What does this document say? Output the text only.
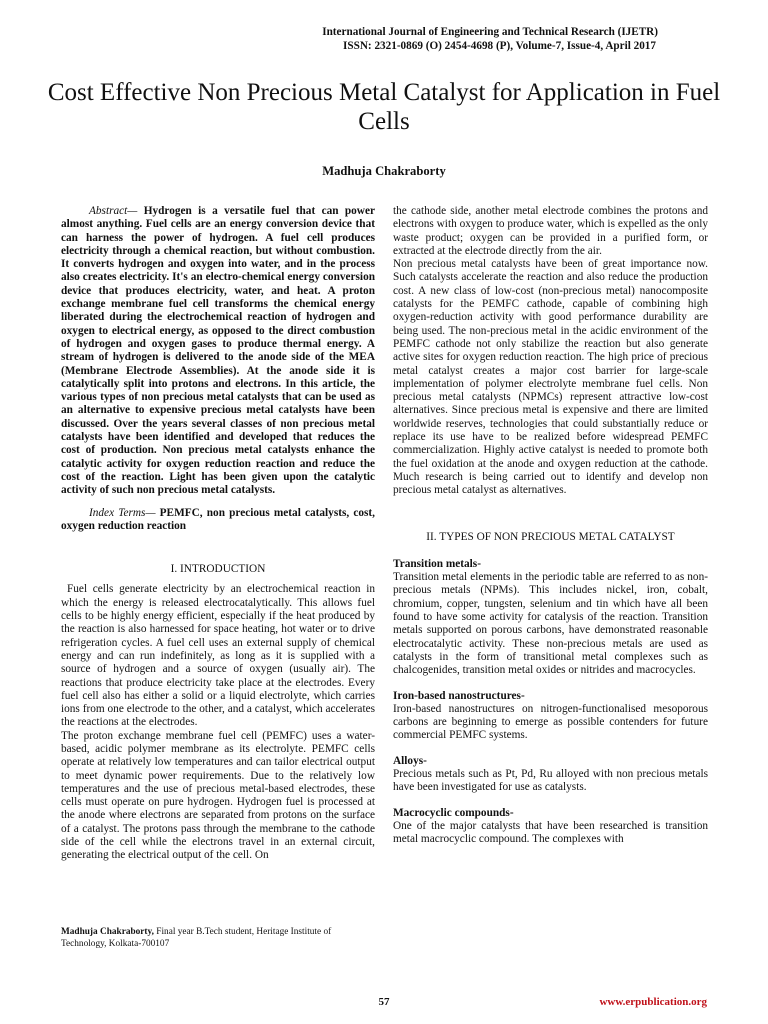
International Journal of Engineering and Technical Research (IJETR)
ISSN: 2321-0869 (O) 2454-4698 (P), Volume-7, Issue-4, April 2017
Cost Effective Non Precious Metal Catalyst for Application in Fuel Cells
Madhuja Chakraborty

Abstract— Hydrogen is a versatile fuel that can power almost anything. Fuel cells are an energy conversion device that can harness the power of hydrogen. A fuel cell produces electricity through a chemical reaction, but without combustion. It converts hydrogen and oxygen into water, and in the process also creates electricity. It's an electro-chemical energy conversion device that produces electricity, water, and heat. A proton exchange membrane fuel cell transforms the chemical energy liberated during the electrochemical reaction of hydrogen and oxygen to electrical energy, as opposed to the direct combustion of hydrogen and oxygen gases to produce thermal energy. A stream of hydrogen is delivered to the anode side of the MEA (Membrane Electrode Assemblies). At the anode side it is catalytically split into protons and electrons. In this article, the various types of non precious metal catalysts that can be used as an alternative to expensive precious metal catalysts have been discussed. Over the years several classes of non precious metal catalysts have been identified and developed that reduces the cost of production. Non precious metal catalysts enhance the catalytic activity for oxygen reduction reaction and reduce the cost of the reaction. Light has been given upon the catalytic activity of such non precious metal catalysts.

Index Terms— PEMFC, non precious metal catalysts, cost, oxygen reduction reaction

I. INTRODUCTION

Fuel cells generate electricity by an electrochemical reaction in which the energy is released electrocatalytically. This allows fuel cells to be highly energy efficient, especially if the heat produced by the reaction is also harnessed for space heating, hot water or to drive refrigeration cycles. A fuel cell uses an external supply of chemical energy and can run indefinitely, as long as it is supplied with a source of hydrogen and a source of oxygen (usually air). The reactions that produce electricity take place at the electrodes. Every fuel cell also has either a solid or a liquid electrolyte, which carries ions from one electrode to the other, and a catalyst, which accelerates the reactions at the electrodes.

The proton exchange membrane fuel cell (PEMFC) uses a water-based, acidic polymer membrane as its electrolyte. PEMFC cells operate at relatively low temperatures and can tailor electrical output to meet dynamic power requirements. Due to the relatively low temperatures and the use of precious metal-based electrodes, these cells must operate on pure hydrogen. Hydrogen fuel is processed at the anode where electrons are separated from protons on the surface of a catalyst. The protons pass through the membrane to the cathode side of the cell while the electrons travel in an external circuit, generating the electrical output of the cell. On

Madhuja Chakraborty, Final year B.Tech student, Heritage Institute of Technology, Kolkata-700107

the cathode side, another metal electrode combines the protons and electrons with oxygen to produce water, which is expelled as the only waste product; oxygen can be provided in a purified form, or extracted at the electrode directly from the air.

Non precious metal catalysts have been of great importance now. Such catalysts accelerate the reaction and also reduce the production cost. A new class of low-cost (non-precious metal) nanocomposite catalysts for the PEMFC cathode, capable of combining high oxygen-reduction activity with good performance durability are being used. The non-precious metal in the acidic environment of the PEMFC cathode not only stabilize the reaction but also generate active sites for oxygen reduction reaction. The high price of precious metal catalyst creates a major cost barrier for large-scale implementation of polymer electrolyte membrane fuel cells. Non precious metal catalysts (NPMCs) represent attractive low-cost alternatives. Since precious metal is expensive and there are limited worldwide reserves, technologies that could substantially reduce or replace its use have to be realized before widespread PEMFC commercialization. Highly active catalyst is needed to promote both the fuel oxidation at the anode and oxygen reduction at the cathode. Much research is being carried out to identify and develop non precious metal catalyst as alternatives.

II. TYPES OF NON PRECIOUS METAL CATALYST

Transition metals-

Transition metal elements in the periodic table are referred to as non-precious metals (NPMs). This includes nickel, iron, cobalt, chromium, copper, tungsten, selenium and tin which have all been found to have some activity for catalysis of the reaction. Transition metals supported on porous carbons, have demonstrated reasonable electrocatalytic activity. These non-precious metals are used as catalysts in the form of transitional metal complexes such as chalcogenides, transition metal oxides or nitrides and macrocycles.

Iron-based nanostructures-

Iron-based nanostructures on nitrogen-functionalised mesoporous carbons are beginning to emerge as possible contenders for future commercial PEMFC systems.

Alloys-

Precious metals such as Pt, Pd, Ru alloyed with non precious metals have been investigated for use as catalysts.

Macrocyclic compounds-

One of the major catalysts that have been researched is transition metal macrocyclic compound. The complexes with

57	www.erpublication.org
